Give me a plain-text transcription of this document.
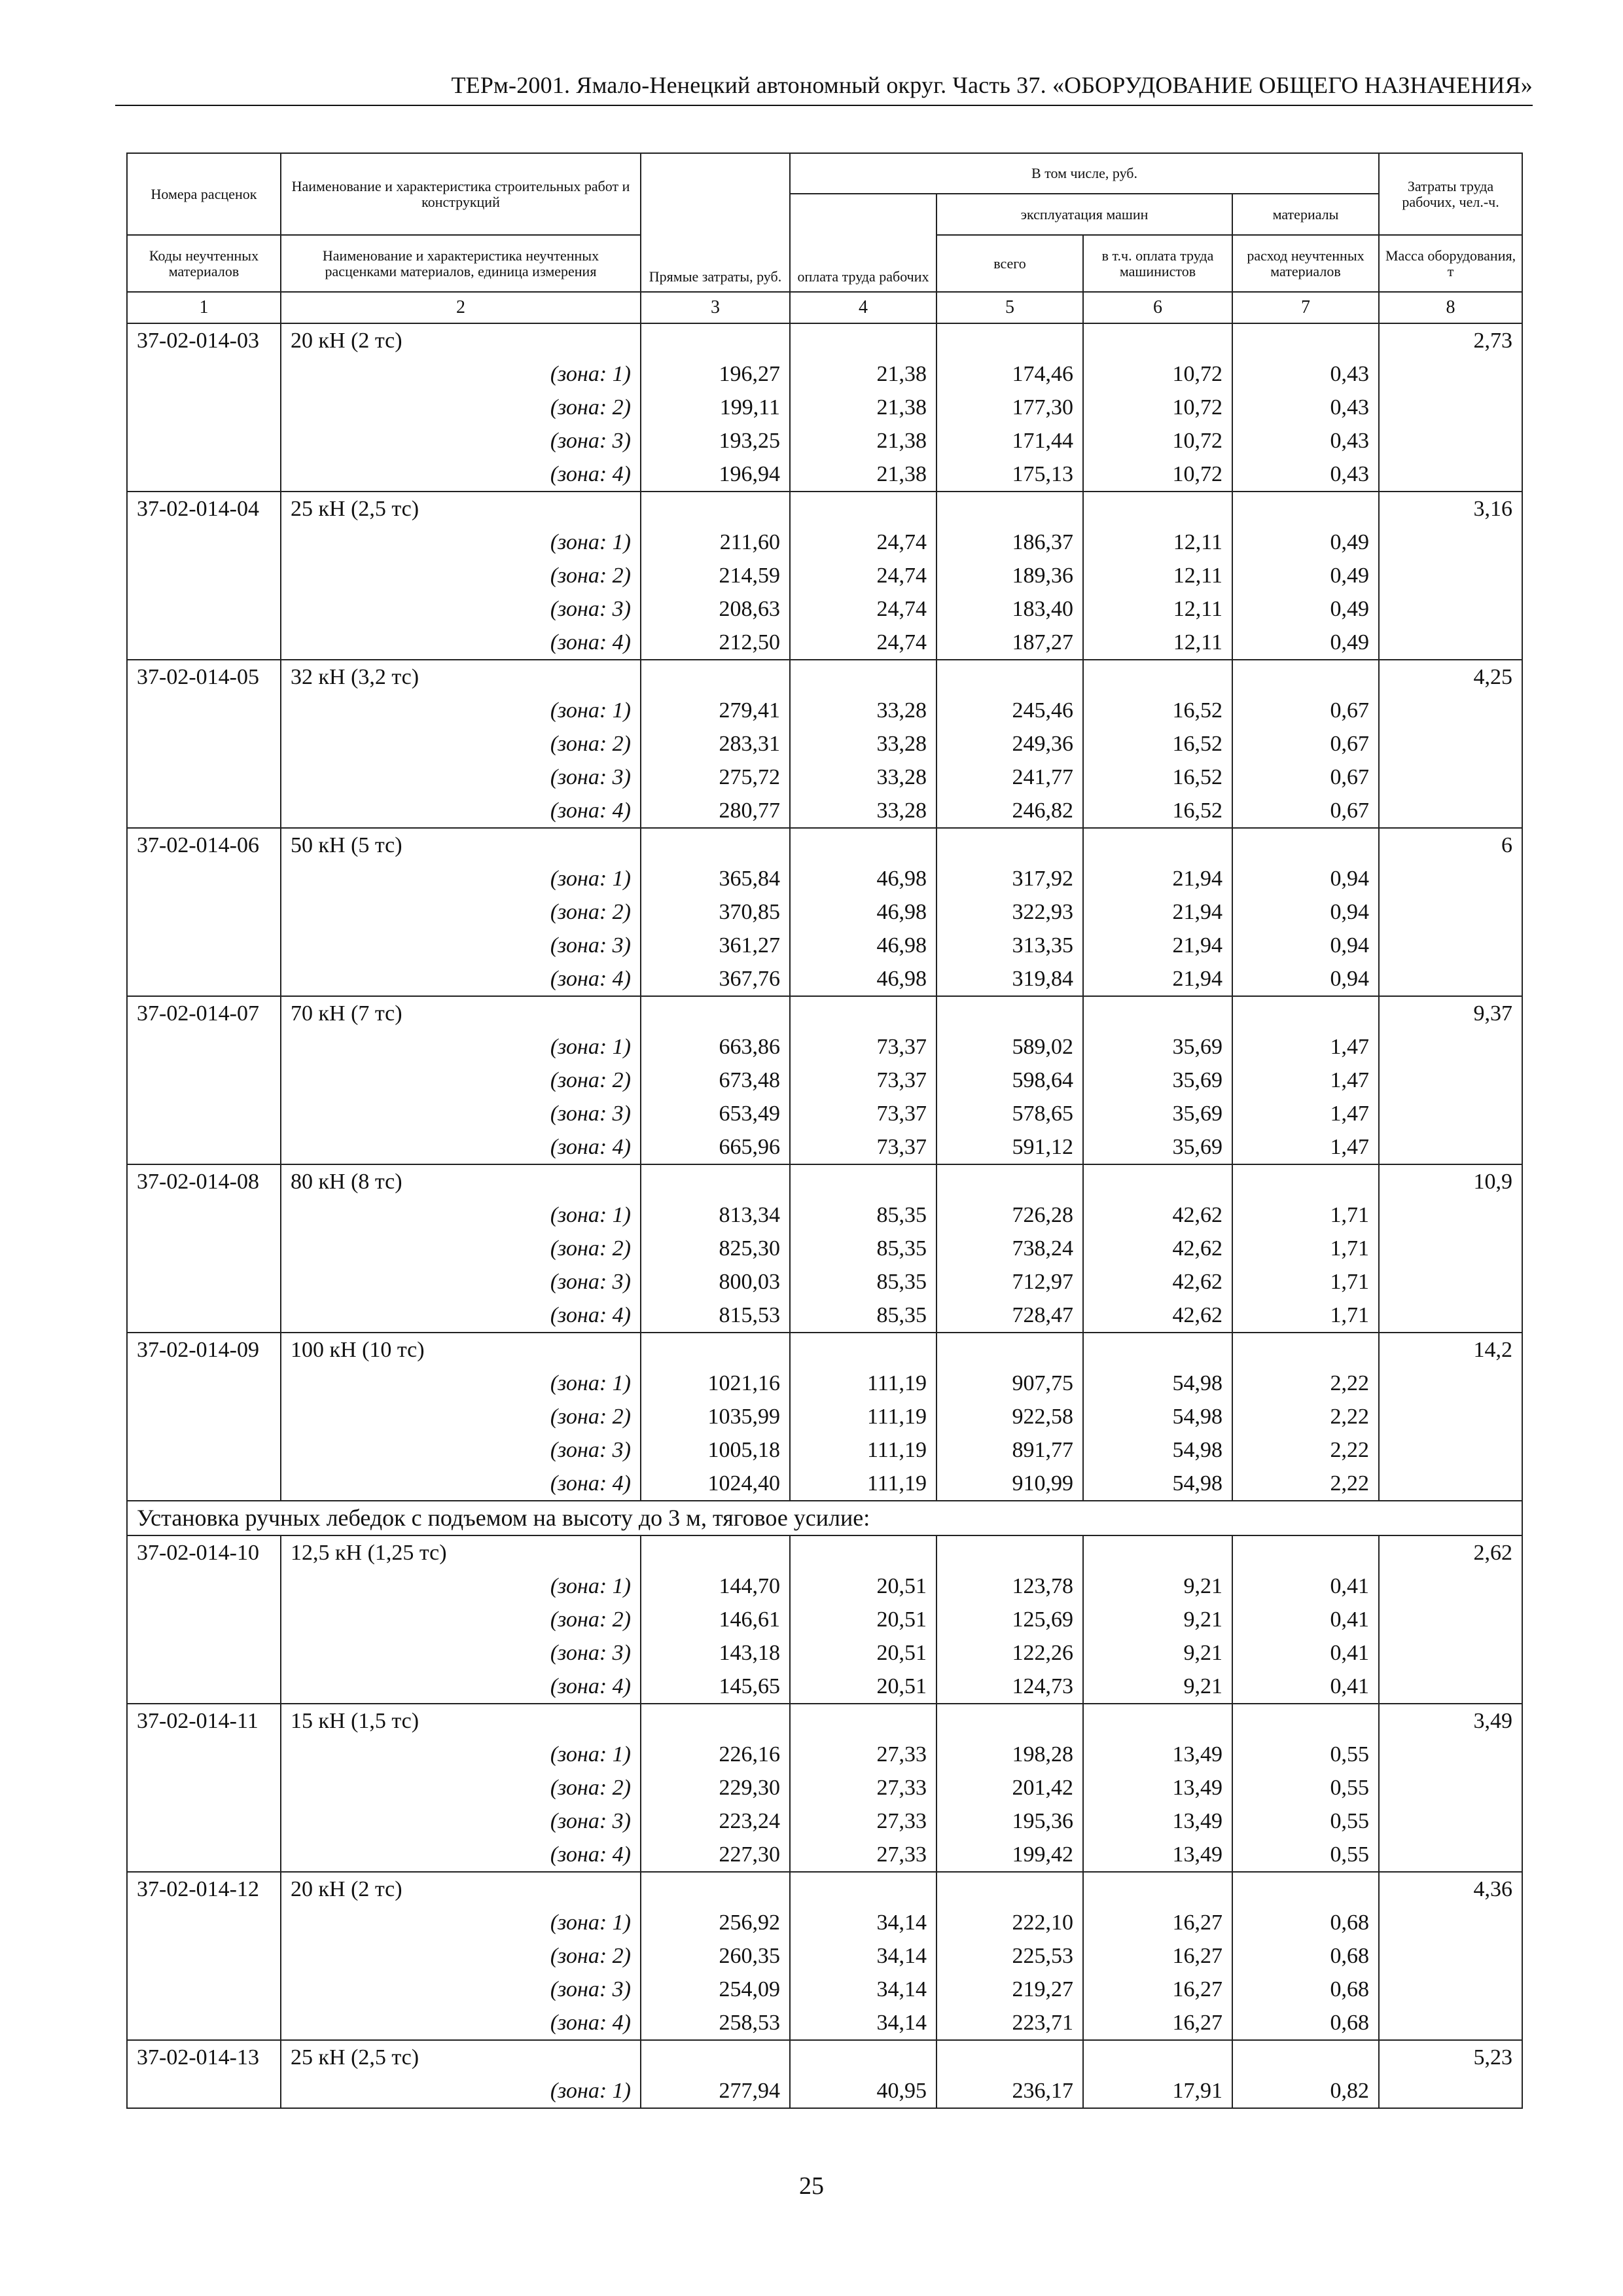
ТЕРм-2001. Ямало-Ненецкий автономный округ. Часть 37. «ОБОРУДОВАНИЕ ОБЩЕГО НАЗНАЧЕНИЯ»
Номера расценок	Наименование и характеристика строительных работ и конструкций	Прямые затраты, руб.	В том числе, руб.				Затраты труда рабочих, чел.-ч.
			оплата труда рабочих	эксплуатация машин		материалы	
Коды неучтенных материалов	Наименование и характеристика неучтенных расценками материалов, единица измерения			всего	в т.ч. оплата труда машинистов	расход неучтенных материалов	Масса оборудования, т
1	2	3	4	5	6	7	8
37-02-014-03	20 кН (2 тс)						2,73
	(зона: 1)	196,27	21,38	174,46	10,72	0,43	
	(зона: 2)	199,11	21,38	177,30	10,72	0,43	
	(зона: 3)	193,25	21,38	171,44	10,72	0,43	
	(зона: 4)	196,94	21,38	175,13	10,72	0,43	
37-02-014-04	25 кН (2,5 тс)						3,16
	(зона: 1)	211,60	24,74	186,37	12,11	0,49	
	(зона: 2)	214,59	24,74	189,36	12,11	0,49	
	(зона: 3)	208,63	24,74	183,40	12,11	0,49	
	(зона: 4)	212,50	24,74	187,27	12,11	0,49	
37-02-014-05	32 кН (3,2 тс)						4,25
	(зона: 1)	279,41	33,28	245,46	16,52	0,67	
	(зона: 2)	283,31	33,28	249,36	16,52	0,67	
	(зона: 3)	275,72	33,28	241,77	16,52	0,67	
	(зона: 4)	280,77	33,28	246,82	16,52	0,67	
37-02-014-06	50 кН (5 тс)						6
	(зона: 1)	365,84	46,98	317,92	21,94	0,94	
	(зона: 2)	370,85	46,98	322,93	21,94	0,94	
	(зона: 3)	361,27	46,98	313,35	21,94	0,94	
	(зона: 4)	367,76	46,98	319,84	21,94	0,94	
37-02-014-07	70 кН (7 тс)						9,37
	(зона: 1)	663,86	73,37	589,02	35,69	1,47	
	(зона: 2)	673,48	73,37	598,64	35,69	1,47	
	(зона: 3)	653,49	73,37	578,65	35,69	1,47	
	(зона: 4)	665,96	73,37	591,12	35,69	1,47	
37-02-014-08	80 кН (8 тс)						10,9
	(зона: 1)	813,34	85,35	726,28	42,62	1,71	
	(зона: 2)	825,30	85,35	738,24	42,62	1,71	
	(зона: 3)	800,03	85,35	712,97	42,62	1,71	
	(зона: 4)	815,53	85,35	728,47	42,62	1,71	
37-02-014-09	100 кН (10 тс)						14,2
	(зона: 1)	1021,16	111,19	907,75	54,98	2,22	
	(зона: 2)	1035,99	111,19	922,58	54,98	2,22	
	(зона: 3)	1005,18	111,19	891,77	54,98	2,22	
	(зона: 4)	1024,40	111,19	910,99	54,98	2,22	
Установка ручных лебедок с подъемом на высоту до 3 м, тяговое усилие:							
37-02-014-10	12,5 кН (1,25 тс)						2,62
	(зона: 1)	144,70	20,51	123,78	9,21	0,41	
	(зона: 2)	146,61	20,51	125,69	9,21	0,41	
	(зона: 3)	143,18	20,51	122,26	9,21	0,41	
	(зона: 4)	145,65	20,51	124,73	9,21	0,41	
37-02-014-11	15 кН (1,5 тс)						3,49
	(зона: 1)	226,16	27,33	198,28	13,49	0,55	
	(зона: 2)	229,30	27,33	201,42	13,49	0,55	
	(зона: 3)	223,24	27,33	195,36	13,49	0,55	
	(зона: 4)	227,30	27,33	199,42	13,49	0,55	
37-02-014-12	20 кН (2 тс)						4,36
	(зона: 1)	256,92	34,14	222,10	16,27	0,68	
	(зона: 2)	260,35	34,14	225,53	16,27	0,68	
	(зона: 3)	254,09	34,14	219,27	16,27	0,68	
	(зона: 4)	258,53	34,14	223,71	16,27	0,68	
37-02-014-13	25 кН (2,5 тс)						5,23
	(зона: 1)	277,94	40,95	236,17	17,91	0,82	
25
